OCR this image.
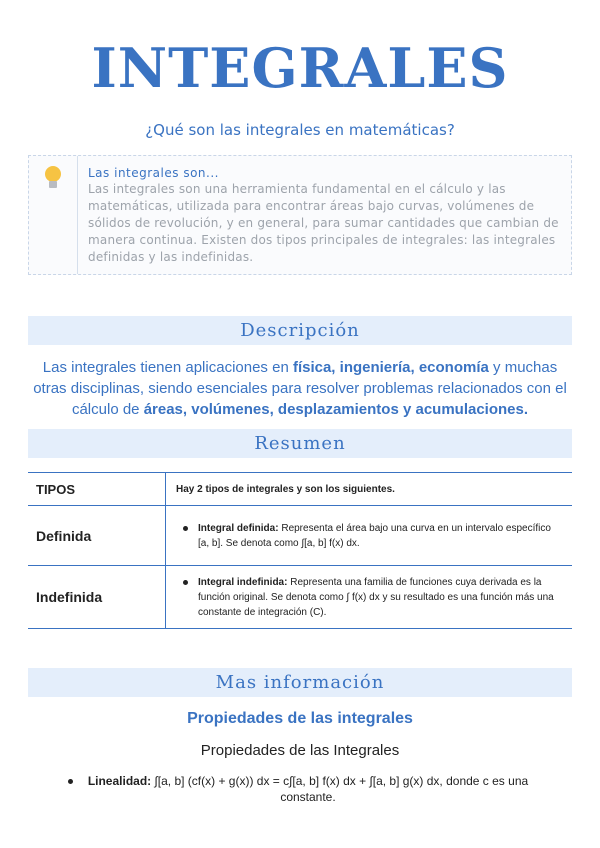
INTEGRALES
¿Qué son las integrales en matemáticas?
Las integrales son...
Las integrales son una herramienta fundamental en el cálculo y las matemáticas, utilizada para encontrar áreas bajo curvas, volúmenes de sólidos de revolución, y en general, para sumar cantidades que cambian de manera continua. Existen dos tipos principales de integrales: las integrales definidas y las indefinidas.
Descripción
Las integrales tienen aplicaciones en física, ingeniería, economía y muchas otras disciplinas, siendo esenciales para resolver problemas relacionados con el cálculo de áreas, volúmenes, desplazamientos y acumulaciones.
Resumen
TIPOS	Hay 2 tipos de integrales y son los siguientes.
Definida	Integral definida: Representa el área bajo una curva en un intervalo específico [a, b]. Se denota como ∫[a, b] f(x) dx.
Indefinida
Integral indefinida: Representa una familia de funciones cuya derivada es la función original. Se denota como ∫ f(x) dx y su resultado es una función más una constante de integración (C).
Mas información
Propiedades de las integrales
Propiedades de las Integrales
Linealidad: ∫[a, b] (cf(x) + g(x)) dx = c∫[a, b] f(x) dx + ∫[a, b] g(x) dx, donde c es una constante.
